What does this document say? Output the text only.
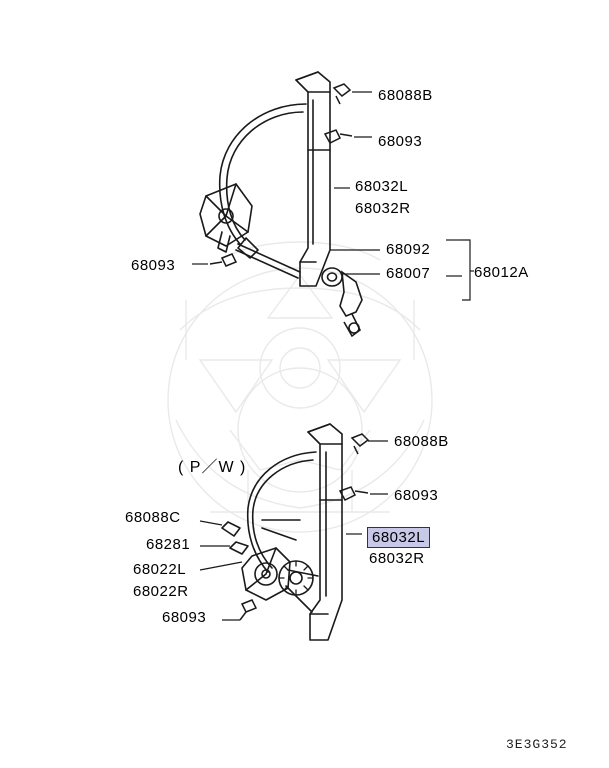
68088B
68093
68032L
68032R
68092
68007	68012A
68093
68088B
68093
68032R
68088C
68281
68022L
68022R
68093
68032L
( P／W )
3E3G352
